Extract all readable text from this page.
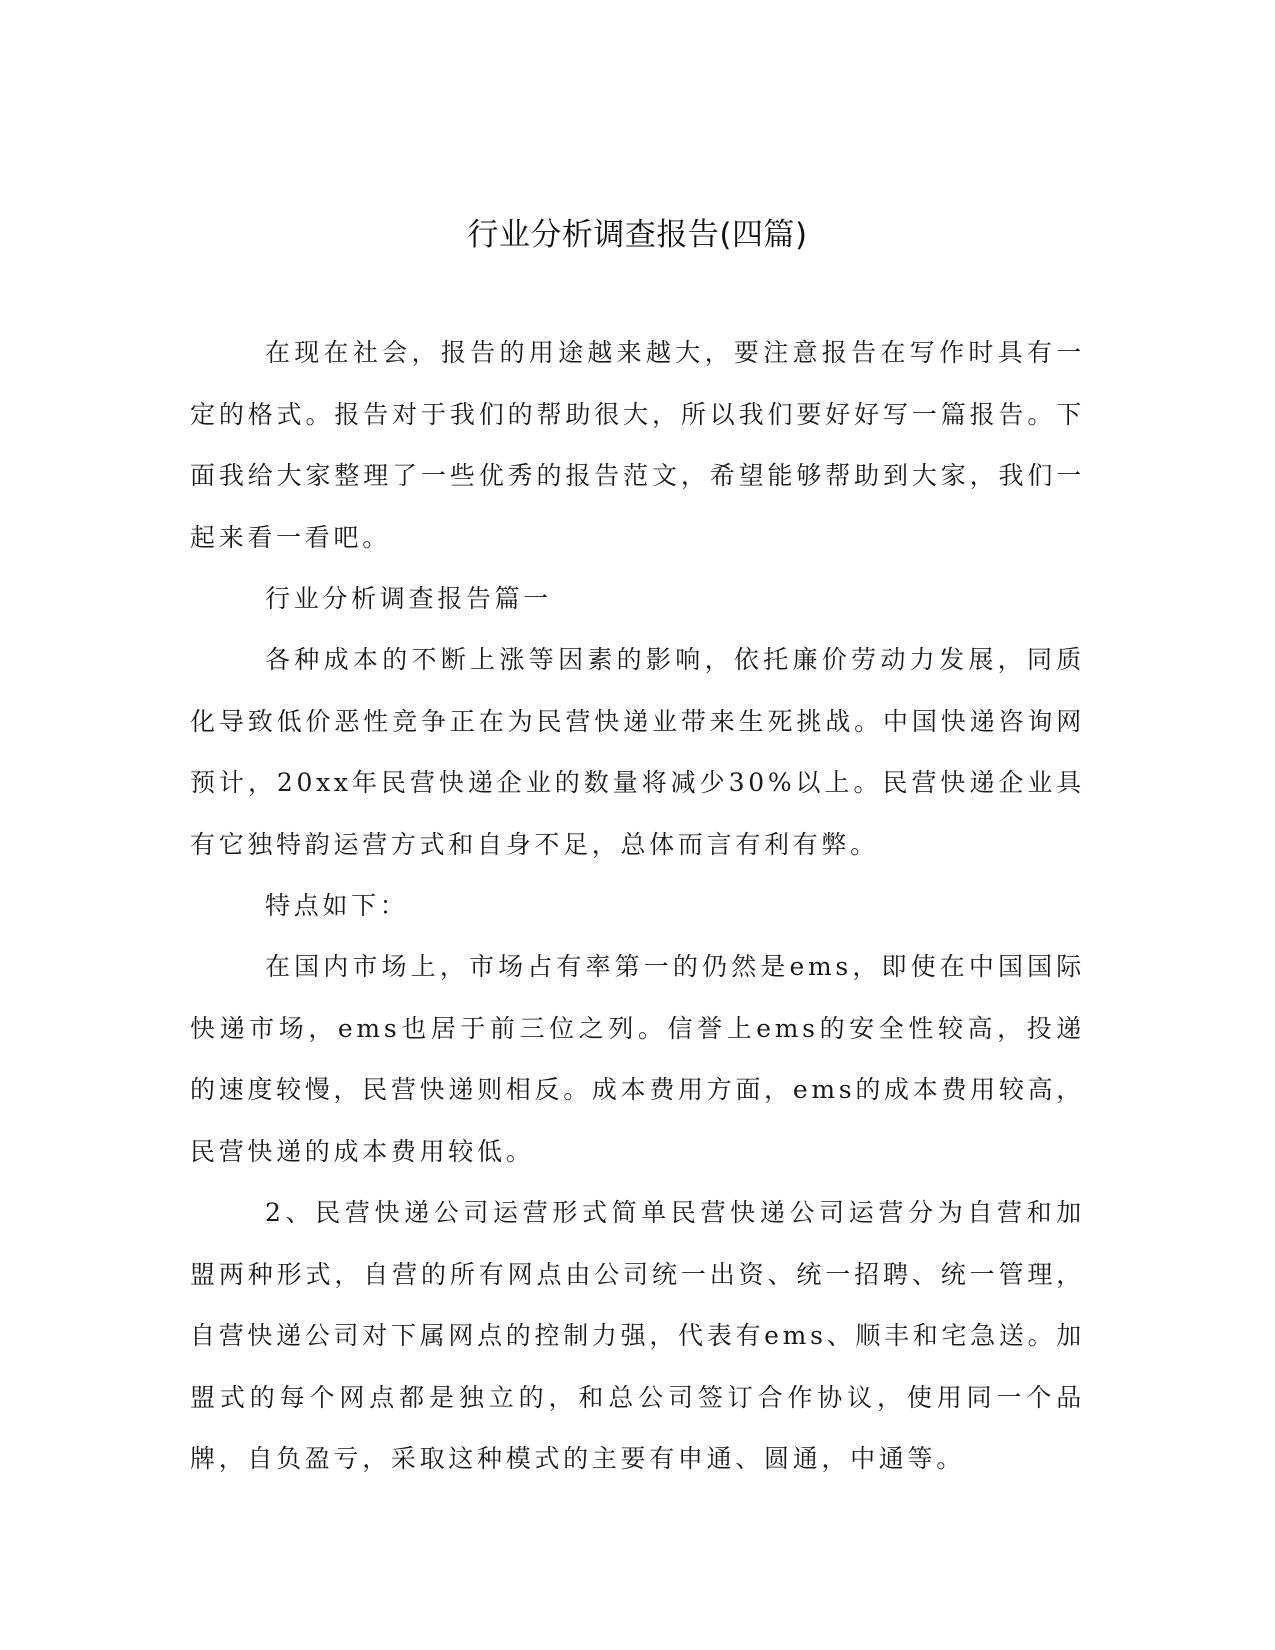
行业分析调查报告(四篇)

在现在社会，报告的用途越来越大，要注意报告在写作时具有一定的格式。报告对于我们的帮助很大，所以我们要好好写一篇报告。下面我给大家整理了一些优秀的报告范文，希望能够帮助到大家，我们一起来看一看吧。

行业分析调查报告篇一

各种成本的不断上涨等因素的影响，依托廉价劳动力发展，同质化导致低价恶性竞争正在为民营快递业带来生死挑战。中国快递咨询网预计，20xx年民营快递企业的数量将减少30%以上。民营快递企业具有它独特韵运营方式和自身不足，总体而言有利有弊。

特点如下：

在国内市场上，市场占有率第一的仍然是ems，即使在中国国际快递市场，ems也居于前三位之列。信誉上ems的安全性较高，投递的速度较慢，民营快递则相反。成本费用方面，ems的成本费用较高，民营快递的成本费用较低。

2、民营快递公司运营形式简单民营快递公司运营分为自营和加盟两种形式，自营的所有网点由公司统一出资、统一招聘、统一管理，自营快递公司对下属网点的控制力强，代表有ems、顺丰和宅急送。加盟式的每个网点都是独立的，和总公司签订合作协议，使用同一个品牌，自负盈亏，采取这种模式的主要有申通、圆通，中通等。
